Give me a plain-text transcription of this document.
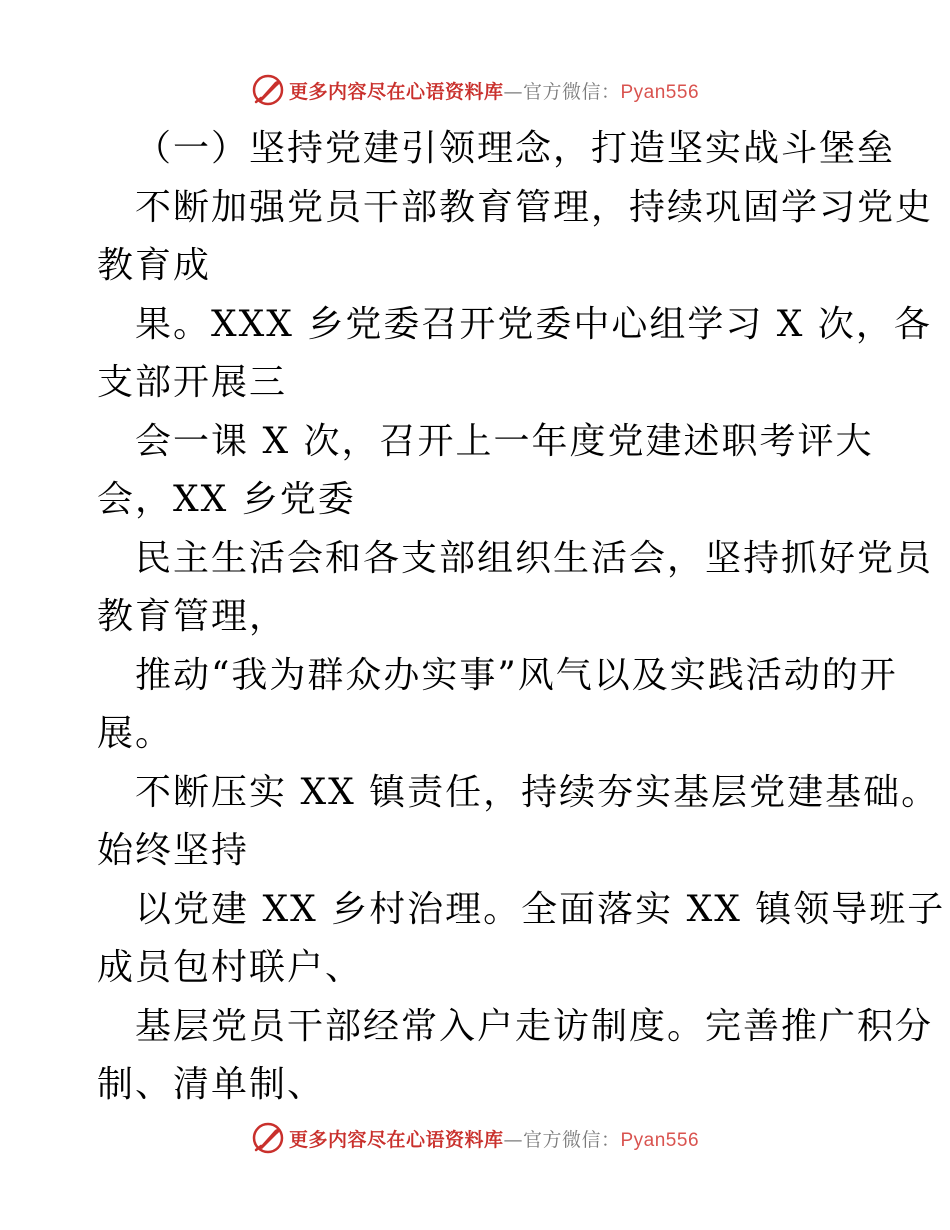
更多内容尽在心语资料库—官方微信：Pyan556
（一）坚持党建引领理念，打造坚实战斗堡垒
不断加强党员干部教育管理，持续巩固学习党史
教育成
果。XXX 乡党委召开党委中心组学习 X 次，各
支部开展三
会一课 X 次，召开上一年度党建述职考评大
会，XX 乡党委
民主生活会和各支部组织生活会，坚持抓好党员
教育管理，
推动“我为群众办实事”风气以及实践活动的开
展。
不断压实 XX 镇责任，持续夯实基层党建基础。
始终坚持
以党建 XX 乡村治理。全面落实 XX 镇领导班子
成员包村联户、
基层党员干部经常入户走访制度。完善推广积分
制、清单制、
更多内容尽在心语资料库—官方微信：Pyan556
